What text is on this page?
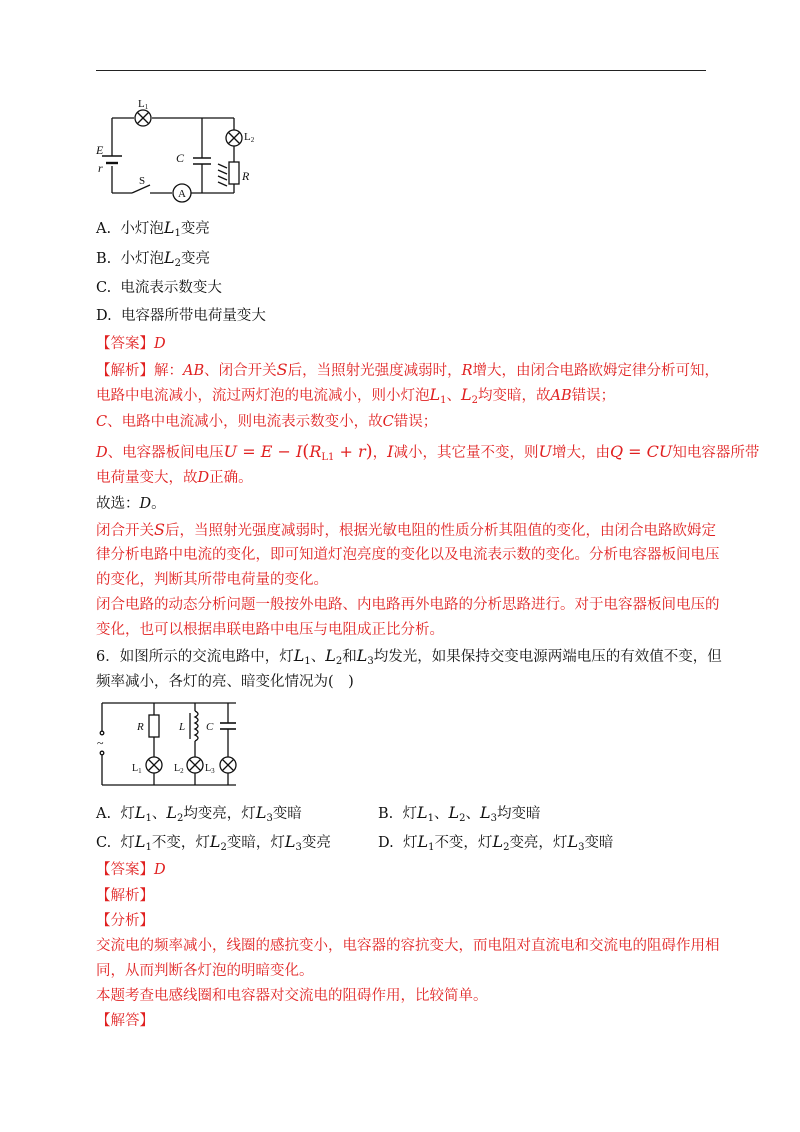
L1
L2
E
r
C
R
S
A
A. 小灯泡$L_1$变亮
B. 小灯泡$L_2$变亮
C. 电流表示数变大
D. 电容器所带电荷量变大
【答案】D
【解析】解：AB、闭合开关S后，当照射光强度减弱时，R增大，由闭合电路欧姆定律分析可知，
电路中电流减小，流过两灯泡的电流减小，则小灯泡$L_1$、$L_2$均变暗，故AB错误；
C、电路中电流减小，则电流表示数变小，故C错误；
D、电容器板间电压$U = E - I(R_{L1} + r)$，I减小，其它量不变，则U增大，由Q = CU知电容器所带
电荷量变大，故D正确。
故选：D。
闭合开关S后，当照射光强度减弱时，根据光敏电阻的性质分析其阻值的变化，由闭合电路欧姆定
律分析电路中电流的变化，即可知道灯泡亮度的变化以及电流表示数的变化。分析电容器板间电压
的变化，判断其所带电荷量的变化。
闭合电路的动态分析问题一般按外电路、内电路再外电路的分析思路进行。对于电容器板间电压的
变化，也可以根据串联电路中电压与电阻成正比分析。
6．如图所示的交流电路中，灯$L_1$、$L_2$和$L_3$均发光，如果保持交变电源两端电压的有效值不变，但
频率减小，各灯的亮、暗变化情况为(　)
R	L C
~
$L_1$	$L_2$ $L_3$
A. 灯$L_1$、$L_2$均变亮，灯$L_3$变暗	B. 灯$L_1$、$L_2$、$L_3$均变暗
C. 灯$L_1$不变，灯$L_2$变暗，灯$L_3$变亮	D. 灯$L_1$不变，灯$L_2$变亮，灯$L_3$变暗
【答案】D
【解析】
【分析】
交流电的频率减小，线圈的感抗变小，电容器的容抗变大，而电阻对直流电和交流电的阻碍作用相
同，从而判断各灯泡的明暗变化。
本题考查电感线圈和电容器对交流电的阻碍作用，比较简单。
【解答】
